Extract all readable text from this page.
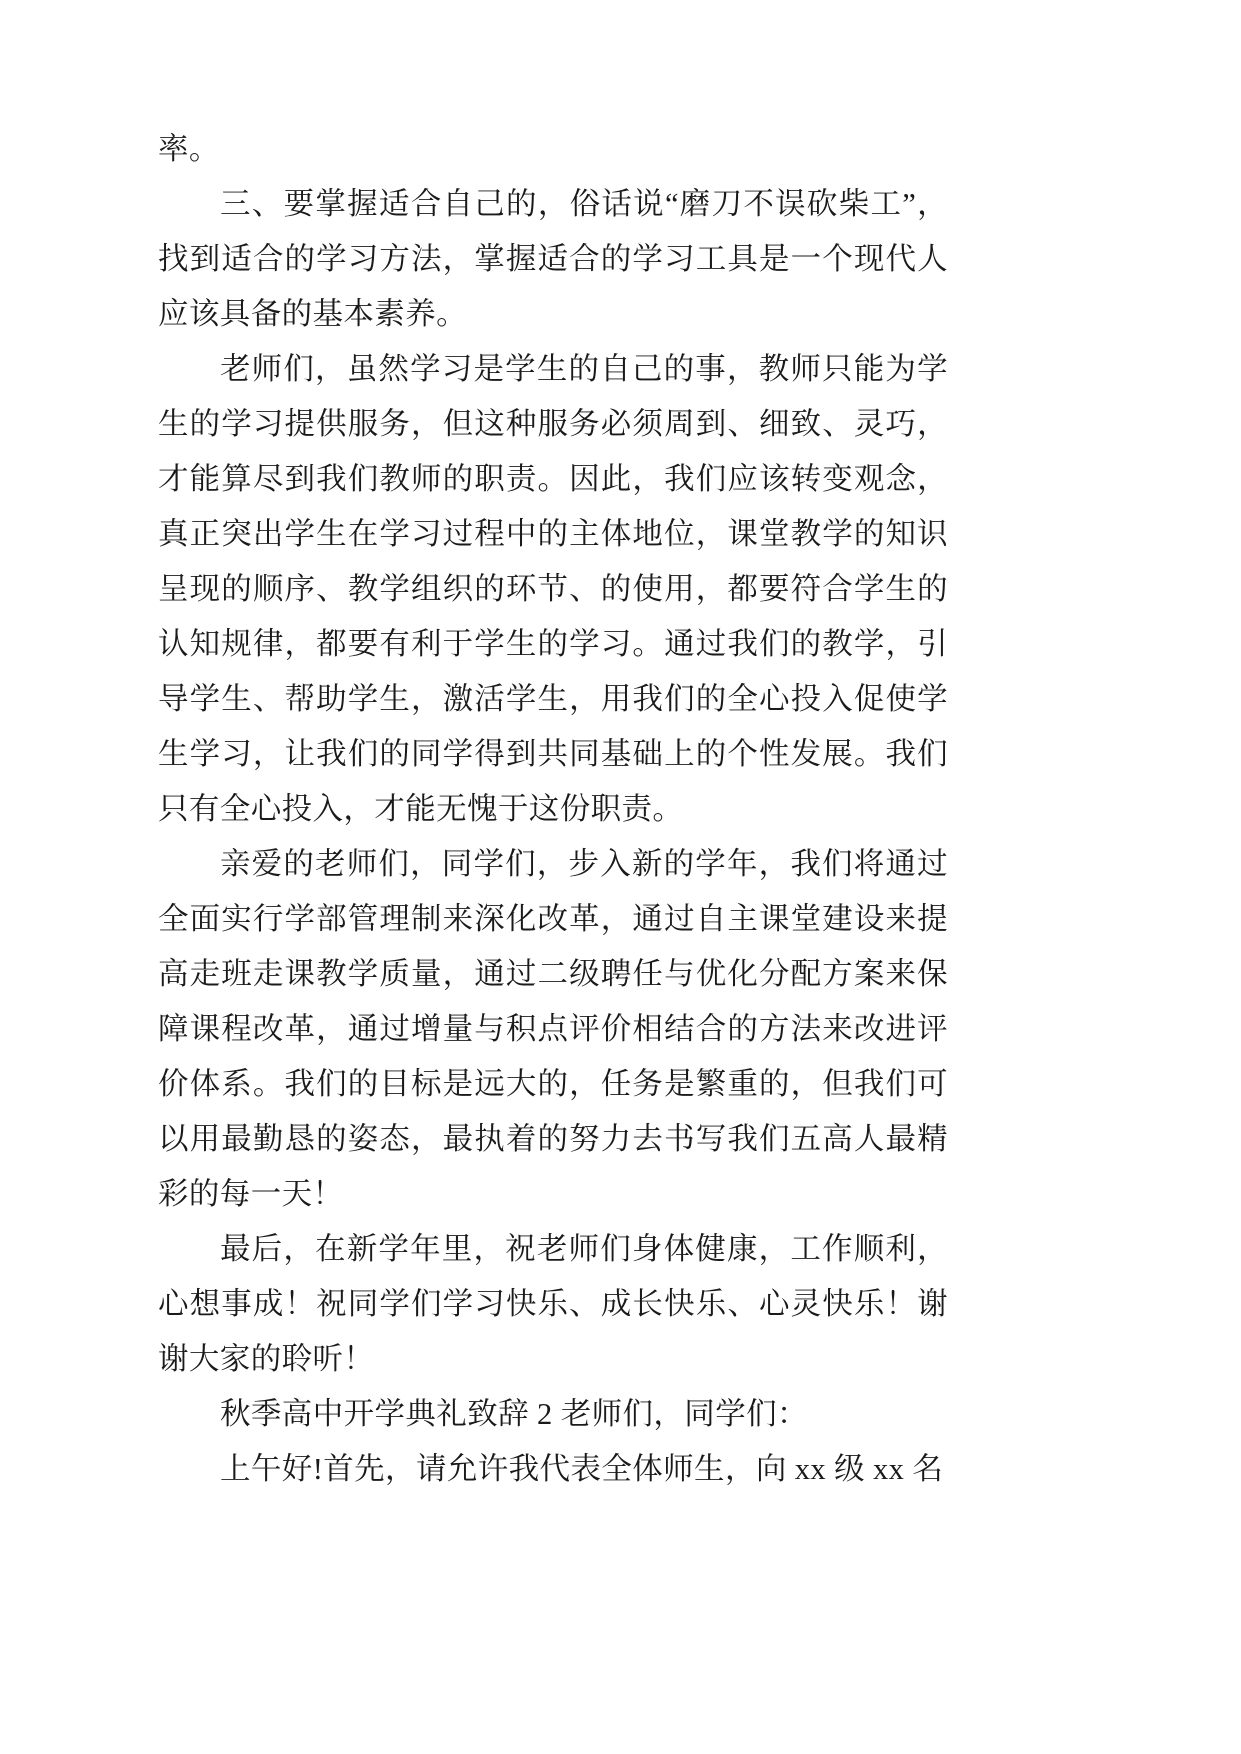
率。

三、要掌握适合自己的，俗话说“磨刀不误砍柴工”，找到适合的学习方法，掌握适合的学习工具是一个现代人应该具备的基本素养。

老师们，虽然学习是学生的自己的事，教师只能为学生的学习提供服务，但这种服务必须周到、细致、灵巧，才能算尽到我们教师的职责。因此，我们应该转变观念，真正突出学生在学习过程中的主体地位，课堂教学的知识呈现的顺序、教学组织的环节、的使用，都要符合学生的认知规律，都要有利于学生的学习。通过我们的教学，引导学生、帮助学生，激活学生，用我们的全心投入促使学生学习，让我们的同学得到共同基础上的个性发展。我们只有全心投入，才能无愧于这份职责。

亲爱的老师们，同学们，步入新的学年，我们将通过全面实行学部管理制来深化改革，通过自主课堂建设来提高走班走课教学质量，通过二级聘任与优化分配方案来保障课程改革，通过增量与积点评价相结合的方法来改进评价体系。我们的目标是远大的，任务是繁重的，但我们可以用最勤恳的姿态，最执着的努力去书写我们五高人最精彩的每一天！

最后，在新学年里，祝老师们身体健康，工作顺利，心想事成！祝同学们学习快乐、成长快乐、心灵快乐！谢谢大家的聆听！

秋季高中开学典礼致辞 2 老师们，同学们：

上午好!首先，请允许我代表全体师生，向 xx 级 xx 名
